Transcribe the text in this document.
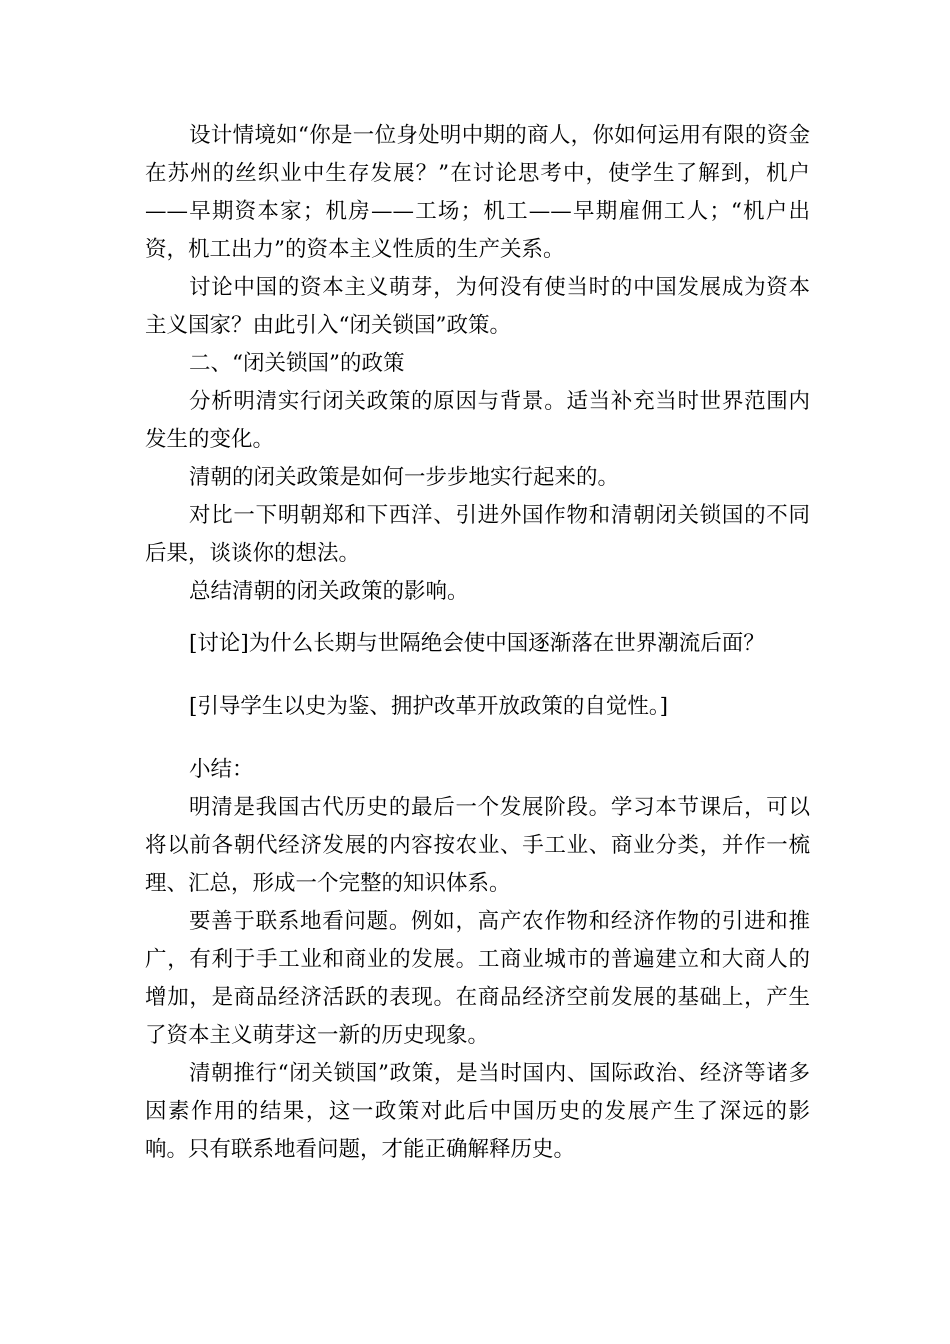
设计情境如“你是一位身处明中期的商人，你如何运用有限的资金在苏州的丝织业中生存发展？”在讨论思考中，使学生了解到，机户——早期资本家；机房——工场；机工——早期雇佣工人；“机户出资，机工出力”的资本主义性质的生产关系。

讨论中国的资本主义萌芽，为何没有使当时的中国发展成为资本主义国家？由此引入“闭关锁国”政策。

二、“闭关锁国”的政策

分析明清实行闭关政策的原因与背景。适当补充当时世界范围内发生的变化。

清朝的闭关政策是如何一步步地实行起来的。

对比一下明朝郑和下西洋、引进外国作物和清朝闭关锁国的不同后果，谈谈你的想法。

总结清朝的闭关政策的影响。

[讨论]为什么长期与世隔绝会使中国逐渐落在世界潮流后面？

[引导学生以史为鉴、拥护改革开放政策的自觉性。]

小结：

明清是我国古代历史的最后一个发展阶段。学习本节课后，可以将以前各朝代经济发展的内容按农业、手工业、商业分类，并作一梳理、汇总，形成一个完整的知识体系。

要善于联系地看问题。例如，高产农作物和经济作物的引进和推广，有利于手工业和商业的发展。工商业城市的普遍建立和大商人的增加，是商品经济活跃的表现。在商品经济空前发展的基础上，产生了资本主义萌芽这一新的历史现象。

清朝推行“闭关锁国”政策，是当时国内、国际政治、经济等诸多因素作用的结果，这一政策对此后中国历史的发展产生了深远的影响。只有联系地看问题，才能正确解释历史。
